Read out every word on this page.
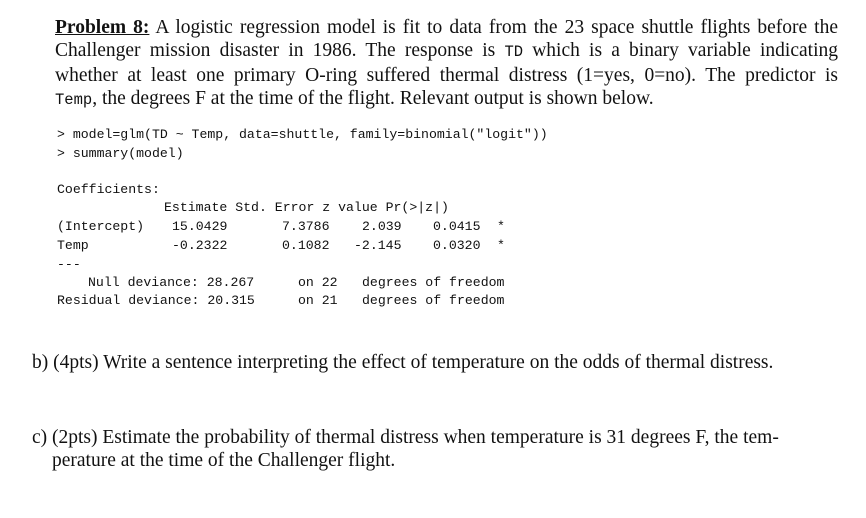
Problem 8: A logistic regression model is fit to data from the 23 space shuttle flights before the
Challenger mission disaster in 1986. The response is TD which is a binary variable indicating
whether at least one primary O-ring suffered thermal distress (1=yes, 0=no). The predictor is
Temp, the degrees F at the time of the flight. Relevant output is shown below.
> model=glm(TD ~ Temp, data=shuttle, family=binomial("logit"))
> summary(model)
Coefficients:
Estimate Std. Error z value Pr(>|z|)
(Intercept) 15.0429	7.3786 2.039 0.0415 *
Temp	-0.2322	0.1082 -2.145 0.0320 *
---
Null deviance: 28.267	on 22 degrees of freedom
Residual deviance: 20.315	on 21 degrees of freedom
b) (4pts) Write a sentence interpreting the effect of temperature on the odds of thermal distress.
c) (2pts) Estimate the probability of thermal distress when temperature is 31 degrees F, the tem-
perature at the time of the Challenger flight.
